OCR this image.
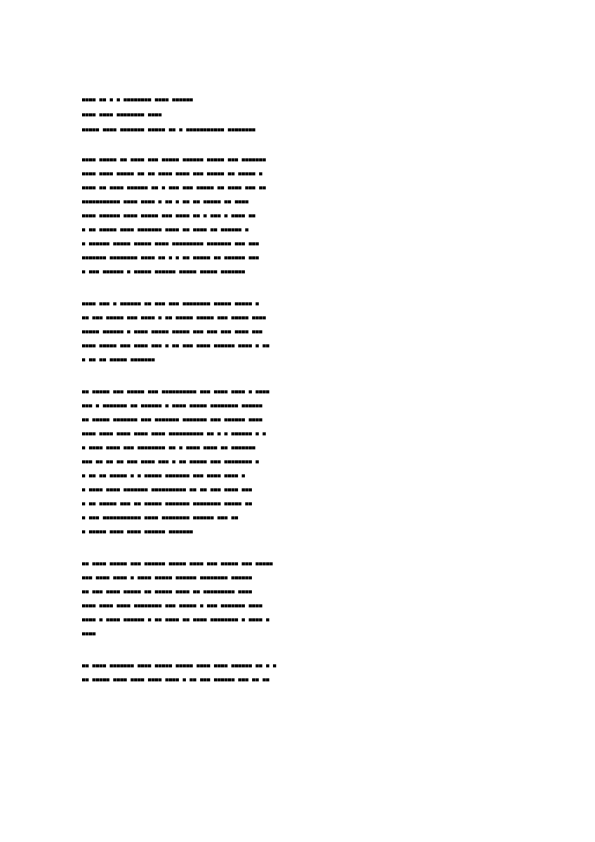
▄▄▄▄ ▄▄ ▄ ▄ ▄▄▄▄▄▄▄▄ ▄▄▄▄ ▄▄▄▄▄▄
▄▄▄▄ ▄▄▄▄ ▄▄▄▄▄▄▄▄ ▄▄▄▄
▄▄▄▄▄ ▄▄▄▄ ▄▄▄▄▄▄▄ ▄▄▄▄▄ ▄▄ ▄ ▄▄▄▄▄▄▄▄▄▄▄ ▄▄▄▄▄▄▄▄
▄▄▄▄ ▄▄▄▄▄ ▄▄ ▄▄▄▄ ▄▄▄ ▄▄▄▄▄ ▄▄▄▄▄▄ ▄▄▄▄▄ ▄▄▄ ▄▄▄▄▄▄▄
▄▄▄▄ ▄▄▄▄ ▄▄▄▄▄ ▄▄ ▄▄ ▄▄▄▄ ▄▄▄▄ ▄▄▄ ▄▄▄▄▄ ▄▄ ▄▄▄▄▄ ▄
▄▄▄▄ ▄▄ ▄▄▄▄ ▄▄▄▄▄▄ ▄▄ ▄ ▄▄▄ ▄▄▄ ▄▄▄▄▄ ▄▄ ▄▄▄▄ ▄▄▄ ▄▄
▄▄▄▄▄▄▄▄▄▄▄ ▄▄▄▄ ▄▄▄▄ ▄ ▄▄ ▄ ▄▄ ▄▄ ▄▄▄▄▄ ▄▄ ▄▄▄▄
▄▄▄▄ ▄▄▄▄▄▄ ▄▄▄▄ ▄▄▄▄▄ ▄▄▄ ▄▄▄▄ ▄▄ ▄ ▄▄▄ ▄ ▄▄▄▄ ▄▄
▄ ▄▄ ▄▄▄▄▄ ▄▄▄▄ ▄▄▄▄▄▄▄ ▄▄▄▄ ▄▄ ▄▄▄▄ ▄▄ ▄▄▄▄▄▄ ▄
▄ ▄▄▄▄▄▄ ▄▄▄▄▄ ▄▄▄▄▄ ▄▄▄▄ ▄▄▄▄▄▄▄▄▄ ▄▄▄▄▄▄▄ ▄▄▄ ▄▄▄
▄▄▄▄▄▄▄ ▄▄▄▄▄▄▄▄ ▄▄▄▄ ▄▄ ▄ ▄ ▄▄ ▄▄▄▄▄ ▄▄ ▄▄▄▄▄▄ ▄▄▄
▄ ▄▄▄ ▄▄▄▄▄▄ ▄ ▄▄▄▄▄ ▄▄▄▄▄▄ ▄▄▄▄▄ ▄▄▄▄▄ ▄▄▄▄▄▄▄
▄▄▄▄ ▄▄▄ ▄ ▄▄▄▄▄▄ ▄▄ ▄▄▄ ▄▄▄ ▄▄▄▄▄▄▄▄ ▄▄▄▄▄ ▄▄▄▄▄ ▄
▄▄ ▄▄▄ ▄▄▄▄▄ ▄▄▄ ▄▄▄▄ ▄ ▄▄ ▄▄▄▄▄ ▄▄▄▄▄ ▄▄▄ ▄▄▄▄▄ ▄▄▄▄
▄▄▄▄▄ ▄▄▄▄▄▄ ▄ ▄▄▄▄ ▄▄▄▄▄ ▄▄▄▄▄ ▄▄▄ ▄▄▄ ▄▄▄ ▄▄▄▄ ▄▄▄
▄▄▄▄ ▄▄▄▄▄ ▄▄▄ ▄▄▄▄ ▄▄▄ ▄ ▄▄ ▄▄▄ ▄▄▄▄ ▄▄▄▄▄▄ ▄▄▄▄ ▄ ▄▄
▄ ▄▄ ▄▄ ▄▄▄▄▄ ▄▄▄▄▄▄▄
▄▄ ▄▄▄▄▄ ▄▄▄ ▄▄▄▄▄ ▄▄▄ ▄▄▄▄▄▄▄▄▄▄ ▄▄▄ ▄▄▄▄ ▄▄▄▄ ▄ ▄▄▄▄
▄▄▄ ▄ ▄▄▄▄▄▄▄ ▄▄ ▄▄▄▄▄▄ ▄ ▄▄▄▄ ▄▄▄▄▄ ▄▄▄▄▄▄▄▄ ▄▄▄▄▄▄
▄▄ ▄▄▄▄▄ ▄▄▄▄▄▄▄ ▄▄▄ ▄▄▄▄▄▄▄ ▄▄▄▄▄▄▄ ▄▄▄ ▄▄▄▄▄▄ ▄▄▄▄
▄▄▄▄ ▄▄▄▄ ▄▄▄▄ ▄▄▄▄ ▄▄▄▄ ▄▄▄▄▄▄▄▄▄▄ ▄▄ ▄ ▄ ▄▄▄▄▄▄ ▄ ▄
▄ ▄▄▄▄ ▄▄▄▄ ▄▄▄ ▄▄▄▄▄▄▄▄ ▄▄ ▄ ▄▄▄▄ ▄▄▄▄ ▄▄ ▄▄▄▄▄▄▄
▄▄▄ ▄▄ ▄▄ ▄▄ ▄▄▄ ▄▄▄▄ ▄▄▄ ▄ ▄▄ ▄▄▄▄▄ ▄▄▄ ▄▄▄▄▄▄▄▄ ▄
▄ ▄▄ ▄▄ ▄▄▄▄▄ ▄ ▄ ▄▄▄▄▄ ▄▄▄▄▄▄▄ ▄▄▄ ▄▄▄▄ ▄▄▄▄ ▄
▄ ▄▄▄▄ ▄▄▄▄ ▄▄▄▄▄▄▄ ▄▄▄▄▄▄▄▄▄▄ ▄▄ ▄▄ ▄▄▄ ▄▄▄▄ ▄▄▄
▄ ▄▄ ▄▄▄▄▄ ▄▄▄ ▄▄ ▄▄▄▄▄ ▄▄▄▄▄▄▄ ▄▄▄▄▄▄▄▄ ▄▄▄▄▄ ▄▄
▄ ▄▄▄ ▄▄▄▄▄▄▄▄▄▄▄ ▄▄▄▄ ▄▄▄▄▄▄▄▄ ▄▄▄▄▄▄ ▄▄▄ ▄▄
▄ ▄▄▄▄▄ ▄▄▄▄ ▄▄▄▄ ▄▄▄▄▄▄ ▄▄▄▄▄▄▄
▄▄ ▄▄▄▄ ▄▄▄▄▄ ▄▄▄ ▄▄▄▄▄▄ ▄▄▄▄▄ ▄▄▄▄ ▄▄▄ ▄▄▄▄▄ ▄▄▄ ▄▄▄▄▄
▄▄▄ ▄▄▄▄ ▄▄▄▄ ▄ ▄▄▄▄ ▄▄▄▄▄ ▄▄▄▄▄▄ ▄▄▄▄▄▄▄▄ ▄▄▄▄▄▄
▄▄ ▄▄▄ ▄▄▄▄ ▄▄▄▄▄ ▄▄ ▄▄▄▄▄ ▄▄▄▄ ▄▄ ▄▄▄▄▄▄▄▄▄ ▄▄▄▄
▄▄▄▄ ▄▄▄▄ ▄▄▄▄ ▄▄▄▄▄▄▄▄ ▄▄▄ ▄▄▄▄▄ ▄ ▄▄▄ ▄▄▄▄▄▄▄ ▄▄▄▄
▄▄▄▄ ▄ ▄▄▄▄ ▄▄▄▄▄▄ ▄ ▄▄ ▄▄▄▄ ▄▄ ▄▄▄▄ ▄▄▄▄▄▄▄▄ ▄ ▄▄▄▄ ▄
▄▄▄▄
▄▄ ▄▄▄▄ ▄▄▄▄▄▄▄ ▄▄▄▄ ▄▄▄▄▄ ▄▄▄▄▄ ▄▄▄▄ ▄▄▄▄ ▄▄▄▄▄▄ ▄▄ ▄ ▄
▄▄ ▄▄▄▄▄ ▄▄▄▄ ▄▄▄▄ ▄▄▄▄ ▄▄▄▄ ▄ ▄▄ ▄▄▄ ▄▄▄▄▄▄ ▄▄▄ ▄▄ ▄▄
